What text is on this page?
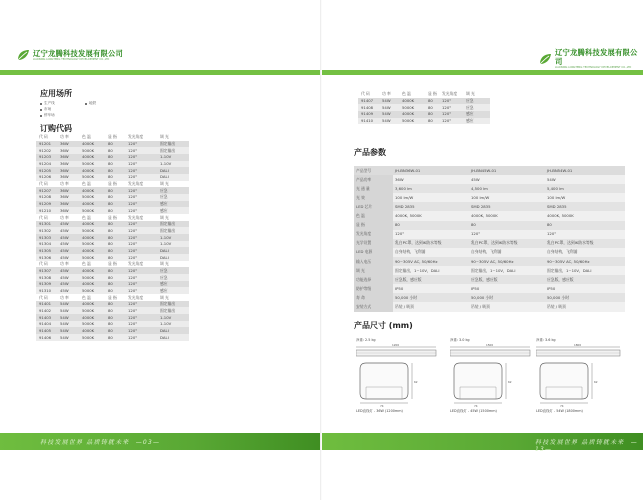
辽宁龙腾科技发展有限公司
LIAONING LONGTENG TECHNOLOGY DEVELOPMENT CO.,LTD
应用场所
生产线
市场
停车场
地铁
订购代码
代 码	功 率	色 温	显 指	发光角度	调 光
91201	36W	4000K	80	120°	固定输出
91202	36W	5000K	80	120°	固定输出
91203	36W	4000K	80	120°	1-10V
91204	36W	5000K	80	120°	1-10V
91205	36W	4000K	80	120°	DALI
91206	36W	5000K	80	120°	DALI
代 码	功 率	色 温	显 指	发光角度	调 光
91207	36W	4000K	80	120°	应急
91208	36W	5000K	80	120°	应急
91209	36W	4000K	80	120°	感应
91210	36W	5000K	80	120°	感应
代 码	功 率	色 温	显 指	发光角度	调 光
91301	45W	4000K	80	120°	固定输出
91302	45W	5000K	80	120°	固定输出
91303	45W	4000K	80	120°	1-10V
91304	45W	5000K	80	120°	1-10V
91305	45W	4000K	80	120°	DALI
91306	45W	5000K	80	120°	DALI
代 码	功 率	色 温	显 指	发光角度	调 光
91307	45W	4000K	80	120°	应急
91308	45W	5000K	80	120°	应急
91309	45W	4000K	80	120°	感应
91310	45W	5000K	80	120°	感应
代 码	功 率	色 温	显 指	发光角度	调 光
91401	54W	4000K	80	120°	固定输出
91402	54W	5000K	80	120°	固定输出
91403	54W	4000K	80	120°	1-10V
91404	54W	5000K	80	120°	1-10V
91405	54W	4000K	80	120°	DALI
91406	54W	5000K	80	120°	DALI
科技发展世界 品质铸就未来 —03—
辽宁龙腾科技发展有限公司
LIAONING LONGTENG TECHNOLOGY DEVELOPMENT CO.,LTD
代 码	功 率	色 温	显 指	发光角度	调 光
91407	54W	4000K	80	120°	应急
91408	54W	5000K	80	120°	应急
91409	54W	4000K	80	120°	感应
91410	54W	5000K	80	120°	感应
产品参数
产品型号	JH-BN36W-01	JH-BN45W-01	JH-BN54W-01
产品功率	36W	45W	54W
光 通 量	3,600 lm	4,500 lm	5,400 lm
光 效	100 lm/W	100 lm/W	100 lm/W
LED 芯片	SMD 2835	SMD 2835	SMD 2835
色 温	4000K, 5000K	4000K, 5000K	4000K, 5000K
显 指	80	80	80
发光角度	120°	120°	120°
光学设置	乳白PC罩，达到IK防水等级	乳白PC罩，达到IK防水等级	乳白PC罩，达到IK防水等级
LED 电源	自身结构，飞利浦	自身结构，飞利浦	自身结构，飞利浦
输入电压	90~305V AC, 50/60Hz	90~305V AC, 50/60Hz	90~305V AC, 50/60Hz
调 光	固定输出，1~10V，DALI	固定输出，1~10V，DALI	固定输出，1~10V，DALI
功能选择	应急版，感应版	应急版，感应版	应急版，感应版
防护等级	IP50	IP50	IP50
寿 命	50,000 小时	50,000 小时	50,000 小时
安装方式	吊装 / 吸顶	吊装 / 吸顶	吊装 / 吸顶
产品尺寸 (mm)
净重: 2.5 kg
1200
74
62
LED直线灯 - 36W (1200mm)
净重: 3.0 kg
1500
74
62
LED直线灯 - 45W (1500mm)
净重: 3.6 kg
1800
74
62
LED直线灯 - 54W (1800mm)
科技发展世界 品质铸就未来 —13—
